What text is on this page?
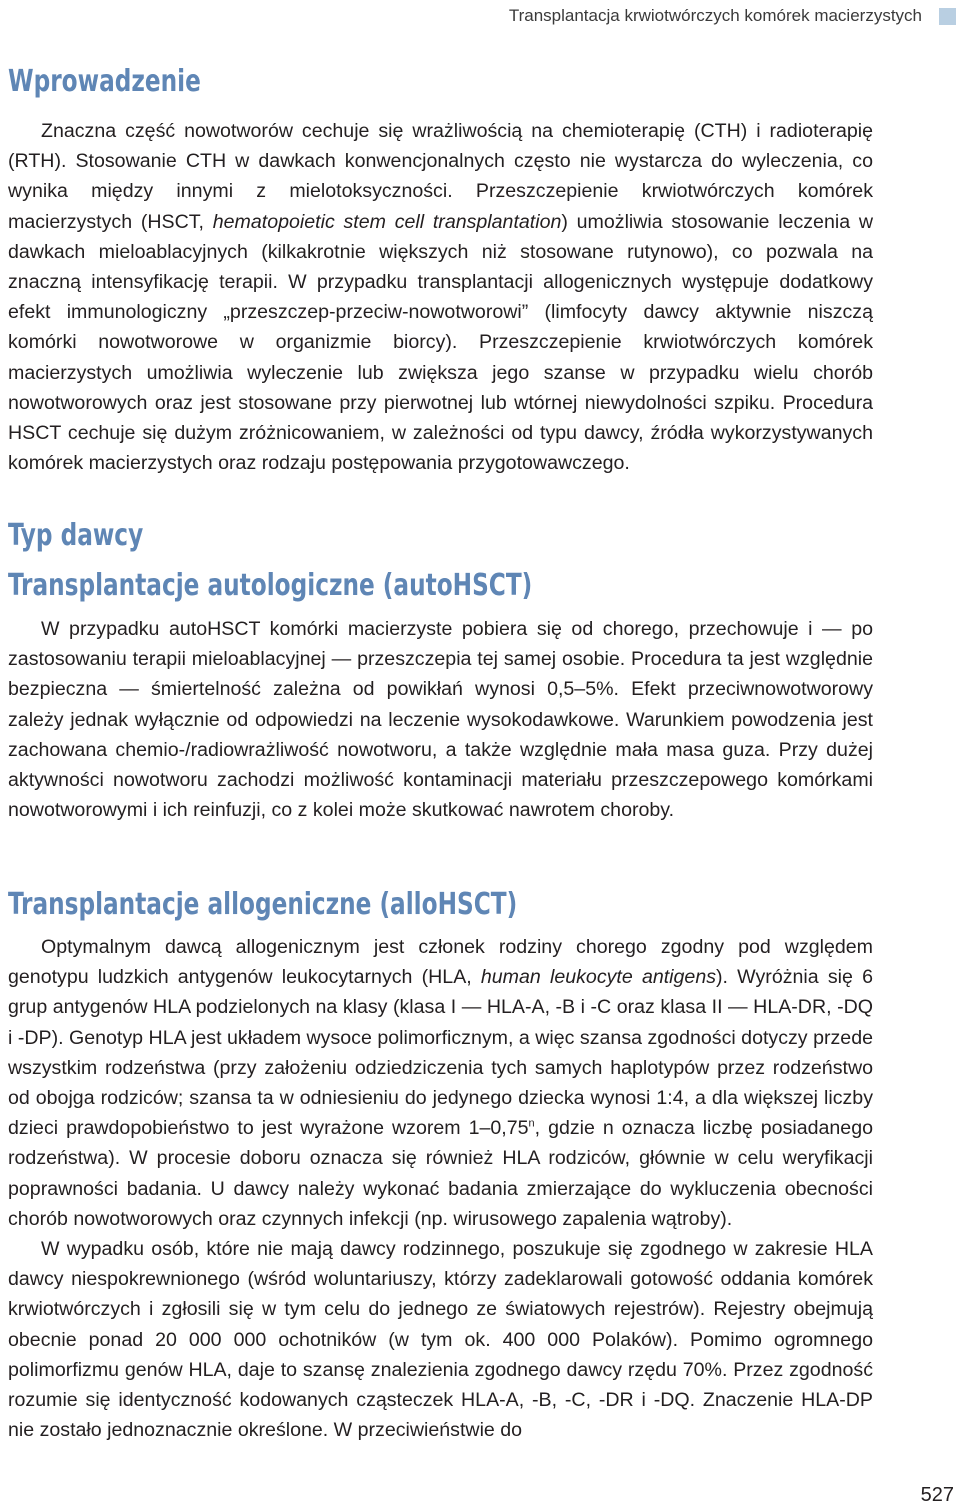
Transplantacja krwiotwórczych komórek macierzystych
Wprowadzenie

Znaczna część nowotworów cechuje się wrażliwością na chemioterapię (CTH) i radioterapię (RTH). Stosowanie CTH w dawkach konwencjonalnych często nie wystarcza do wyleczenia, co wynika między innymi z mielotoksyczności. Przeszczepienie krwiotwórczych komórek macierzystych (HSCT, hematopoietic stem cell transplantation) umożliwia stosowanie leczenia w dawkach mieloablacyjnych (kilkakrotnie większych niż stosowane rutynowo), co pozwala na znaczną intensyfikację terapii. W przypadku transplantacji allogenicznych występuje dodatkowy efekt immunologiczny „przeszczep-przeciw-nowotworowi” (limfocyty dawcy aktywnie niszczą komórki nowotworowe w organizmie biorcy). Przeszczepienie krwiotwórczych komórek macierzystych umożliwia wyleczenie lub zwiększa jego szanse w przypadku wielu chorób nowotworowych oraz jest stosowane przy pierwotnej lub wtórnej niewydolności szpiku. Procedura HSCT cechuje się dużym zróżnicowaniem, w zależności od typu dawcy, źródła wykorzystywanych komórek macierzystych oraz rodzaju postępowania przygotowawczego.

Typ dawcy
Transplantacje autologiczne (autoHSCT)

W przypadku autoHSCT komórki macierzyste pobiera się od chorego, przechowuje i — po zastosowaniu terapii mieloablacyjnej — przeszczepia tej samej osobie. Procedura ta jest względnie bezpieczna — śmiertelność zależna od powikłań wynosi 0,5–5%. Efekt przeciwnowotworowy zależy jednak wyłącznie od odpowiedzi na leczenie wysokodawkowe. Warunkiem powodzenia jest zachowana chemio-/radiowrażliwość nowotworu, a także względnie mała masa guza. Przy dużej aktywności nowotworu zachodzi możliwość kontaminacji materiału przeszczepowego komórkami nowotworowymi i ich reinfuzji, co z kolei może skutkować nawrotem choroby.

Transplantacje allogeniczne (alloHSCT)

Optymalnym dawcą allogenicznym jest członek rodziny chorego zgodny pod względem genotypu ludzkich antygenów leukocytarnych (HLA, human leukocyte antigens). Wyróżnia się 6 grup antygenów HLA podzielonych na klasy (klasa I — HLA-A, -B i -C oraz klasa II — HLA-DR, -DQ i -DP). Genotyp HLA jest układem wysoce polimorficznym, a więc szansa zgodności dotyczy przede wszystkim rodzeństwa (przy założeniu odziedziczenia tych samych haplotypów przez rodzeństwo od obojga rodziców; szansa ta w odniesieniu do jedynego dziecka wynosi 1:4, a dla większej liczby dzieci prawdopobieństwo to jest wyrażone wzorem 1–0,75$^n$, gdzie n oznacza liczbę posiadanego rodzeństwa). W procesie doboru oznacza się również HLA rodziców, głównie w celu weryfikacji poprawności badania. U dawcy należy wykonać badania zmierzające do wykluczenia obecności chorób nowotworowych oraz czynnych infekcji (np. wirusowego zapalenia wątroby).

W wypadku osób, które nie mają dawcy rodzinnego, poszukuje się zgodnego w zakresie HLA dawcy niespokrewnionego (wśród woluntariuszy, którzy zadeklarowali gotowość oddania komórek krwiotwórczych i zgłosili się w tym celu do jednego ze światowych rejestrów). Rejestry obejmują obecnie ponad 20 000 000 ochotników (w tym ok. 400 000 Polaków). Pomimo ogromnego polimorfizmu genów HLA, daje to szansę znalezienia zgodnego dawcy rzędu 70%. Przez zgodność rozumie się identyczność kodowanych cząsteczek HLA-A, -B, -C, -DR i -DQ. Znaczenie HLA-DP nie zostało jednoznacznie określone. W przeciwieństwie do

527
